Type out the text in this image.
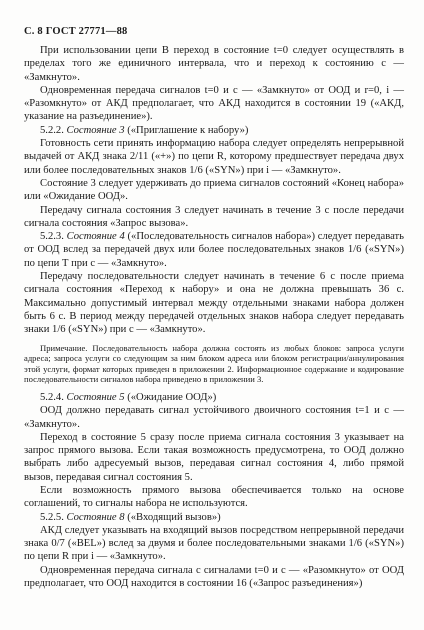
С. 8 ГОСТ 27771—88

При использовании цепи В переход в состояние t=0 следует осуществлять в пределах того же единичного интервала, что и переход к состоянию c — «Замкнуто».

Одновременная передача сигналов t=0 и c — «Замкнуто» от ООД и r=0, i — «Разомкнуто» от АКД предполагает, что АКД находится в состоянии 19 («АКД, указание на разъединение»).

5.2.2. Состояние 3 («Приглашение к набору»)

Готовность сети принять информацию набора следует определять непрерывной выдачей от АКД знака 2/11 («+») по цепи R, которому предшествует передача двух или более последовательных знаков 1/6 («SYN») при i — «Замкнуто».

Состояние 3 следует удерживать до приема сигналов состояний «Конец набора» или «Ожидание ООД».

Передачу сигнала состояния 3 следует начинать в течение 3 с после передачи сигнала состояния «Запрос вызова».

5.2.3. Состояние 4 («Последовательность сигналов набора») следует передавать от ООД вслед за передачей двух или более последовательных знаков 1/6 («SYN») по цепи Т при c — «Замкнуто».

Передачу последовательности следует начинать в течение 6 с после приема сигнала состояния «Переход к набору» и она не должна превышать 36 с. Максимально допустимый интервал между отдельными знаками набора должен быть 6 с. В период между передачей отдельных знаков набора следует передавать знаки 1/6 («SYN») при c — «Замкнуто».

Примечание. Последовательность набора должна состоять из любых блоков: запроса услуги адреса; запроса услуги со следующим за ним блоком адреса или блоком регистрации/аннулирования этой услуги, формат которых приведен в приложении 2. Информационное содержание и кодирование последовательности сигналов набора приведено в приложении 3.

5.2.4. Состояние 5 («Ожидание ООД»)

ООД должно передавать сигнал устойчивого двоичного состояния t=1 и c — «Замкнуто».

Переход в состояние 5 сразу после приема сигнала состояния 3 указывает на запрос прямого вызова. Если такая возможность предусмотрена, то ООД должно выбрать либо адресуемый вызов, передавая сигнал состояния 4, либо прямой вызов, передавая сигнал состояния 5.

Если возможность прямого вызова обеспечивается только на основе соглашений, то сигналы набора не используются.

5.2.5. Состояние 8 («Входящий вызов»)

АКД следует указывать на входящий вызов посредством непрерывной передачи знака 0/7 («BEL») вслед за двумя и более последовательными знаками 1/6 («SYN») по цепи R при i — «Замкнуто».

Одновременная передача сигнала с сигналами t=0 и c — «Разомкнуто» от ООД предполагает, что ООД находится в состоянии 16 («Запрос разъединения»)
